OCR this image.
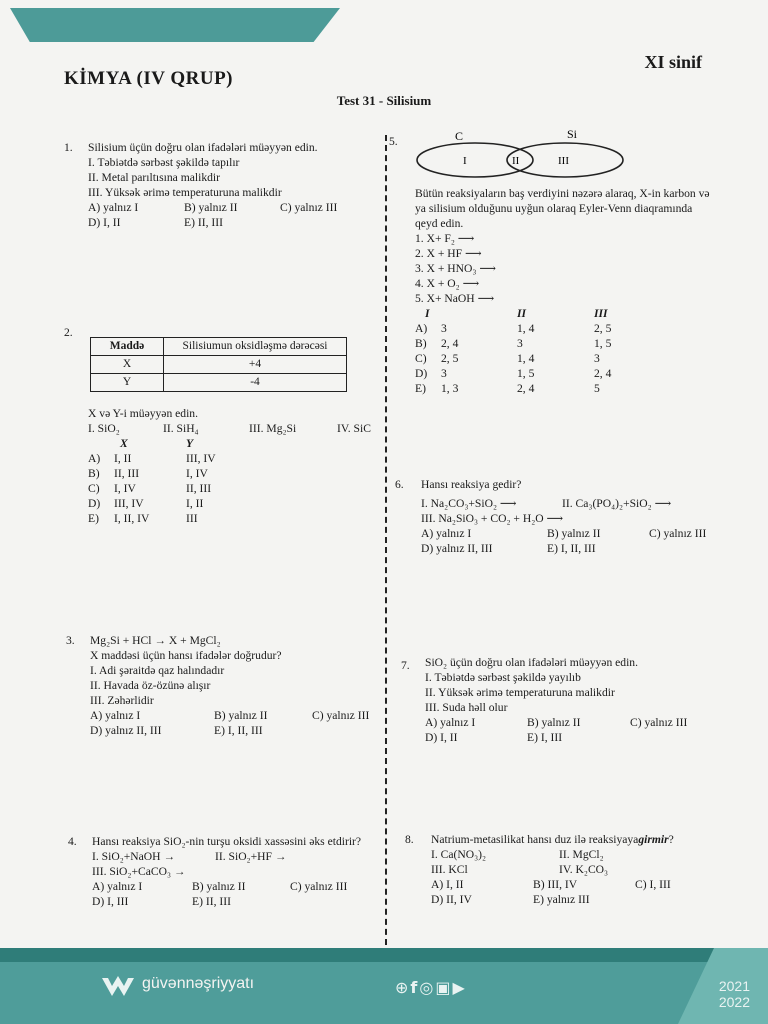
KİMYA (IV QRUP)
XI sinif
Test 31 - Silisium
1. Silisium üçün doğru olan ifadələri müəyyən edin.
I. Təbiətdə sərbəst şəkildə tapılır
II. Metal parıltısına malikdir
III. Yüksək ərimə temperaturuna malikdir
A) yalnız I	B) yalnız II	C) yalnız III
D) I, II	E) II, III
2.
Maddə	Silisiumun oksidləşmə dərəcəsi
X	+4
Y	-4
X və Y-i müəyyən edin.
I. SiO₂	II. SiH₄	III. Mg₂Si	IV. SiC
X	Y
A) I, II	III, IV
B) II, III	I, IV
C) I, IV	II, III
D) III, IV	I, II
E) I, II, IV	III
3. Mg₂Si + HCl → X + MgCl₂
X maddəsi üçün hansı ifadələr doğrudur?
I. Adi şəraitdə qaz halındadır
II. Havada öz-özünə alışır
III. Zəhərlidir
A) yalnız I	B) yalnız II	C) yalnız III
D) yalnız II, III	E) I, II, III
4. Hansı reaksiya SiO₂-nin turşu oksidi xassəsini əks etdirir?
I. SiO₂+NaOH →	II. SiO₂+HF →
III. SiO₂+CaCO₃ →
A) yalnız I	B) yalnız II	C) yalnız III
D) I, III	E) II, III
5.	C	Si
I	II	III
Bütün reaksiyaların baş verdiyini nəzərə alaraq, X-in karbon və ya silisium olduğunu uyğun olaraq Eyler-Venn diaqramında qeyd edin.
1. X+ F₂ ⟶
2. X + HF ⟶
3. X + HNO₃ ⟶
4. X + O₂ ⟶
5. X+ NaOH ⟶
I	II	III
A) 3	1, 4	2, 5
B) 2, 4	3	1, 5
C) 2, 5	1, 4	3
D) 3	1, 5	2, 4
E) 1, 3	2, 4	5
6. Hansı reaksiya gedir?
I. Na₂CO₃+SiO₂ ⟶	II. Ca₃(PO₄)₂+SiO₂ ⟶
III. Na₂SiO₃ + CO₂ + H₂O ⟶
A) yalnız I	B) yalnız II	C) yalnız III
D) yalnız II, III	E) I, II, III
7. SiO₂ üçün doğru olan ifadələri müəyyən edin.
I. Təbiətdə sərbəst şəkildə yayılıb
II. Yüksək ərimə temperaturuna malikdir
III. Suda həll olur
A) yalnız I	B) yalnız II	C) yalnız III
D) I, II	E) I, III
8. Natrium-metasilikat hansı duz ilə reaksiyayagirmir?
I. Ca(NO₃)₂	II. MgCl₂
III. KCl	IV. K₂CO₃
A) I, II	B) III, IV	C) I, III
D) II, IV	E) yalnız III
güvənnəşriyyatı	⊕f◎▣▶	2021
2022
